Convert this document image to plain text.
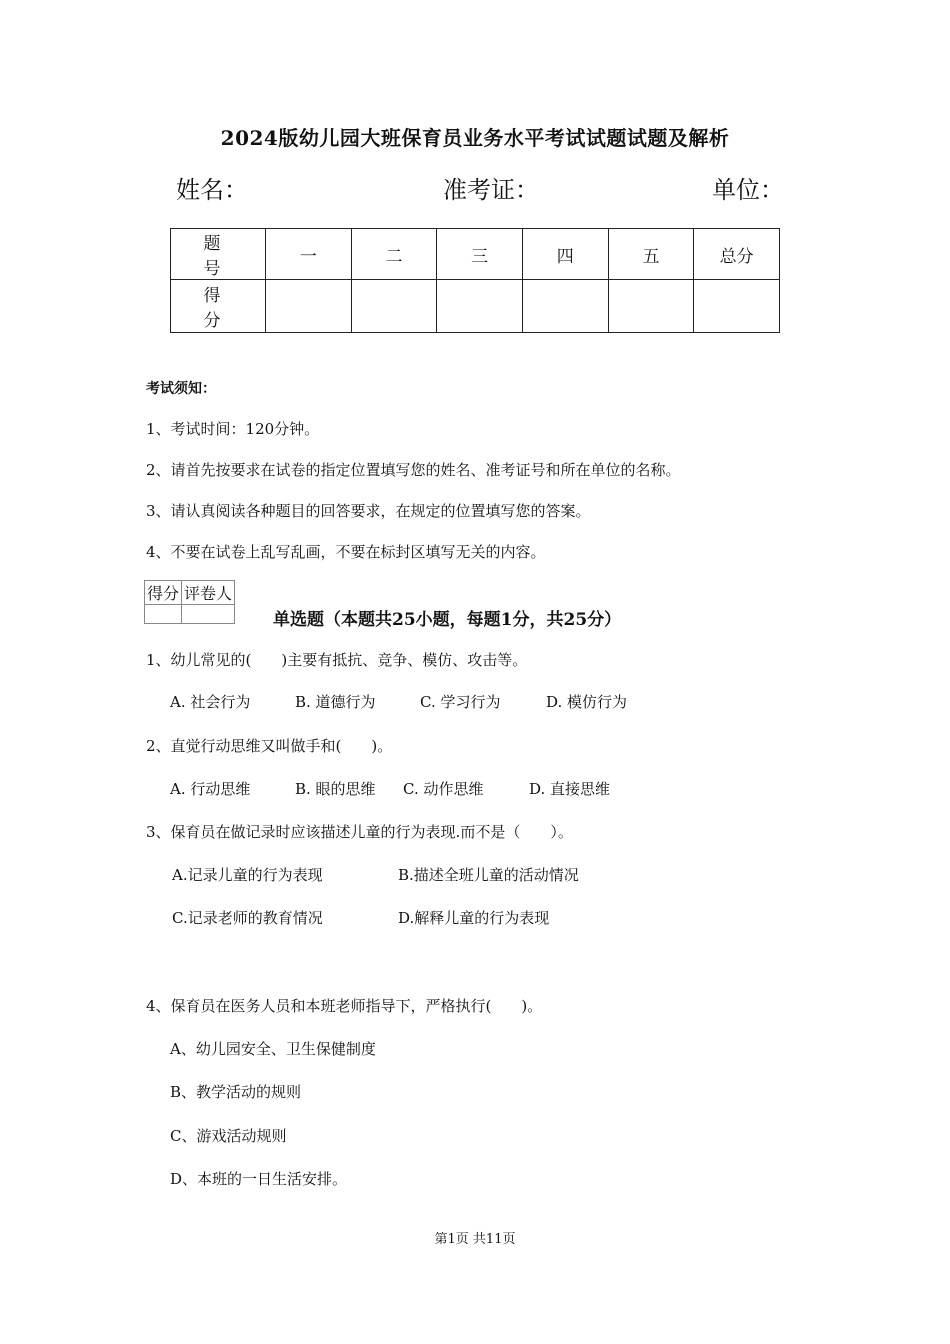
2024版幼儿园大班保育员业务水平考试试题试题及解析
姓名：	准考证：	单位：
题　号	一	二	三	四	五	总分
得　分						
考试须知：
1、考试时间：120分钟。
2、请首先按要求在试卷的指定位置填写您的姓名、准考证号和所在单位的名称。
3、请认真阅读各种题目的回答要求，在规定的位置填写您的答案。
4、不要在试卷上乱写乱画，不要在标封区填写无关的内容。
得分	评卷人

单选题（本题共25小题，每题1分，共25分）
1、幼儿常见的(　　)主要有抵抗、竞争、模仿、攻击等。
A. 社会行为	B. 道德行为	C. 学习行为	D. 模仿行为
2、直觉行动思维又叫做手和(　　)。
A. 行动思维	B. 眼的思维 C. 动作思维	D. 直接思维
3、保育员在做记录时应该描述儿童的行为表现.而不是（　　）。
A.记录儿童的行为表现	B.描述全班儿童的活动情况
C.记录老师的教育情况	D.解释儿童的行为表现
4、保育员在医务人员和本班老师指导下，严格执行(　　)。
A、幼儿园安全、卫生保健制度
B、教学活动的规则
C、游戏活动规则
D、本班的一日生活安排。
第1页 共11页
